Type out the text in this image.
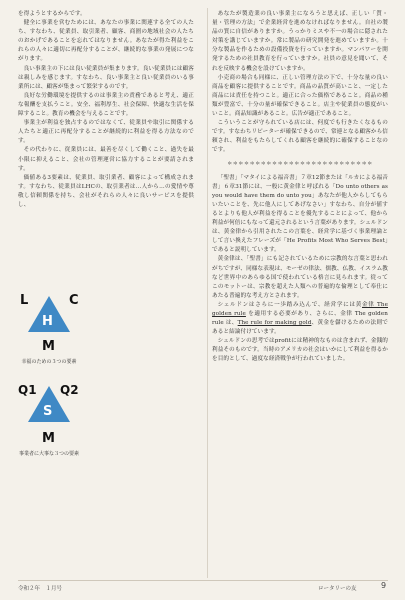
を得ようとするからです。

健全に事業を営むためには、あなたの事業に関連する全ての人たち、すなわち、従業員、取引業者、顧客、商圏の地域社会の人たちのおかげであることを忘れてはなりません。あなたが得た利益をこれらの人々に適切に再配分することが、継続的な事業の発展につながります。

良い事業主の下には良い従業員が集まります。良い従業員には顧客は親しみを感じます。すなわち、良い事業主と良い従業員のいる事業所には、顧客が集まって繁栄するのです。

良好な労働環境を提供するのは事業主の責務であると考え、適正な報酬を支払うこと。安全、福利厚生、社会保障、快適な生活を保障すること。教育の機会を与えることです。

事業主が利益を独占するのではなくて、従業員や取引に関係する人たちと適正に再配分することが継続的に利益を得る方法なのです。

その代わりに、従業員には、最善を尽くして働くこと、過失を最小限に抑えること、会社の管理運営に協力することが要請されます。

価値ある3要素は、従業員、取引業者、顧客によって構成されます。すなわち、従業員はLHCの、取引業者は…人から…の愛情や尊敬し信頼関係を持ち、会社がそれらの人々に良いサービスを提供し、

L
H
C
M
幸福のための３つの要素
Q1 Q2
S
M
事業者に大事な３つの要素

あなたが製造業の良い事業主になろうと思えば、正しい「質・量・管理の方法」で企業経営を進めなければなりません。自社の製品の質に自信がありますか。うっかりミスや不一の場合に隠された対策を講じていますか。常に製品の研究開発を進めていますか。十分な製品を作るための設備投資を行っていますか。マンパワーを開発するための社員教育を行っていますか。社員の意見を聞いて、それを反映する機会を設けていますか。

小売商の場合も同様に、正しい管理方法の下で、十分な量の良い商品を顧客に提供することです。商品の品質が高いこと、一定した商品には責任を持つこと。適正に合った価格であること。商品の種類が豊富で、十分の量が確保できること。店主や従業員の態度がいいこと。商品知識があること。広告が適正であること。

こういうことが守られている店には、何度でも行きたくなるものです。すなわちリピーターが確保できるので、常連となる顧客から信頼され、利益をもたらしてくれる顧客を継続的に確保することなのです。

＊＊＊＊＊＊＊＊＊＊＊＊＊＊＊＊＊＊＊＊＊＊＊＊＊＊

「聖書」「マタイによる福音書」７章12節または「ルカによる福音書」６章31節には、一般に黄金律と呼ばれる「Do unto others as you would have them do unto you」あなたが他人からしてもらいたいことを、先に他人にしてあげなさい」すなわち、自分が値するとよりも他人が利益を得ることを優先することによって、他から利益が何倍にもなって還元されるという言葉があります。シェルドンは、黄金律から引用されたこの言葉を、経営学に基づく事業理論として言い換えたフレーズが「He Profits Most Who Serves Best」であると説明しています。

黄金律は、「聖書」にも記されているために宗教的な言葉と思われがちですが、同様な表現は、モーゼの律法、儒教、仏教、イスラム教など世界中のあらゆる国で使われている格言に見られます。従ってこのモットーは、宗教を超えた人類への普遍的な倫理として奉仕にあたる普遍的な考え方とされます。

シェルドンはさらに一歩踏み込んで、経営学には黄金律 The golden rule を適用する必要があり、さらに、金律 The golden rule は、The rule for making gold、黄金を儲けるための法則であると結論付けています。

シェルドンの思考ではprofitには精神的なものは含まれず、金銭的利益そのものです。当時のアメリカの社会はいかにして利益を得るかを目的として、過度な経済戦争が行われていました。

令和２年　１月号	ロータリーの友	9
